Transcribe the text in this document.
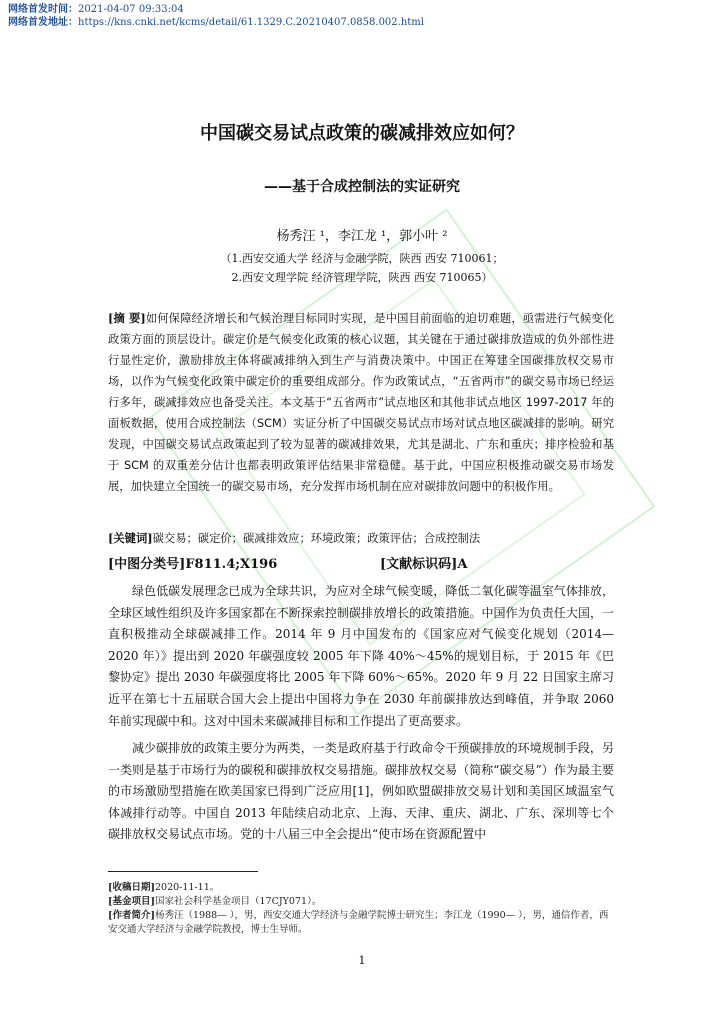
网络首发时间：2021-04-07 09:33:04
网络首发地址：https://kns.cnki.net/kcms/detail/61.1329.C.20210407.0858.002.html
中国碳交易试点政策的碳减排效应如何？
——基于合成控制法的实证研究
杨秀汪 ¹，李江龙 ¹，郭小叶 ²
（1.西安交通大学 经济与金融学院，陕西 西安 710061；
2.西安文理学院 经济管理学院，陕西 西安 710065）
[摘 要]如何保障经济增长和气候治理目标同时实现，是中国目前面临的迫切难题，亟需进行气候变化政策方面的顶层设计。碳定价是气候变化政策的核心议题，其关键在于通过碳排放造成的负外部性进行显性定价，激励排放主体将碳减排纳入到生产与消费决策中。中国正在筹建全国碳排放权交易市场，以作为气候变化政策中碳定价的重要组成部分。作为政策试点，“五省两市”的碳交易市场已经运行多年，碳减排效应也备受关注。本文基于“五省两市”试点地区和其他非试点地区 1997-2017 年的面板数据，使用合成控制法（SCM）实证分析了中国碳交易试点市场对试点地区碳减排的影响。研究发现，中国碳交易试点政策起到了较为显著的碳减排效果，尤其是湖北、广东和重庆；排序检验和基于 SCM 的双重差分估计也都表明政策评估结果非常稳健。基于此，中国应积极推动碳交易市场发展，加快建立全国统一的碳交易市场，充分发挥市场机制在应对碳排放问题中的积极作用。
[关键词]碳交易；碳定价；碳减排效应；环境政策；政策评估；合成控制法
[中图分类号]F811.4;X196	[文献标识码]A

绿色低碳发展理念已成为全球共识，为应对全球气候变暖，降低二氧化碳等温室气体排放，全球区域性组织及许多国家都在不断探索控制碳排放增长的政策措施。中国作为负责任大国，一直积极推动全球碳减排工作。2014 年 9 月中国发布的《国家应对气候变化规划（2014—2020 年）》提出到 2020 年碳强度较 2005 年下降 40%～45%的规划目标，于 2015 年《巴黎协定》提出 2030 年碳强度将比 2005 年下降 60%～65%。2020 年 9 月 22 日国家主席习近平在第七十五届联合国大会上提出中国将力争在 2030 年前碳排放达到峰值，并争取 2060 年前实现碳中和。这对中国未来碳减排目标和工作提出了更高要求。

减少碳排放的政策主要分为两类，一类是政府基于行政命令干预碳排放的环境规制手段，另一类则是基于市场行为的碳税和碳排放权交易措施。碳排放权交易（简称“碳交易”）作为最主要的市场激励型措施在欧美国家已得到广泛应用[1]，例如欧盟碳排放交易计划和美国区域温室气体减排行动等。中国自 2013 年陆续启动北京、上海、天津、重庆、湖北、广东、深圳等七个碳排放权交易试点市场。党的十八届三中全会提出“使市场在资源配置中

[收稿日期]2020-11-11。
[基金项目]国家社会科学基金项目（17CJY071）。
[作者简介]杨秀汪（1988— ），男，西安交通大学经济与金融学院博士研究生；李江龙（1990— ），男，通信作者，西安交通大学经济与金融学院教授，博士生导师。
1
